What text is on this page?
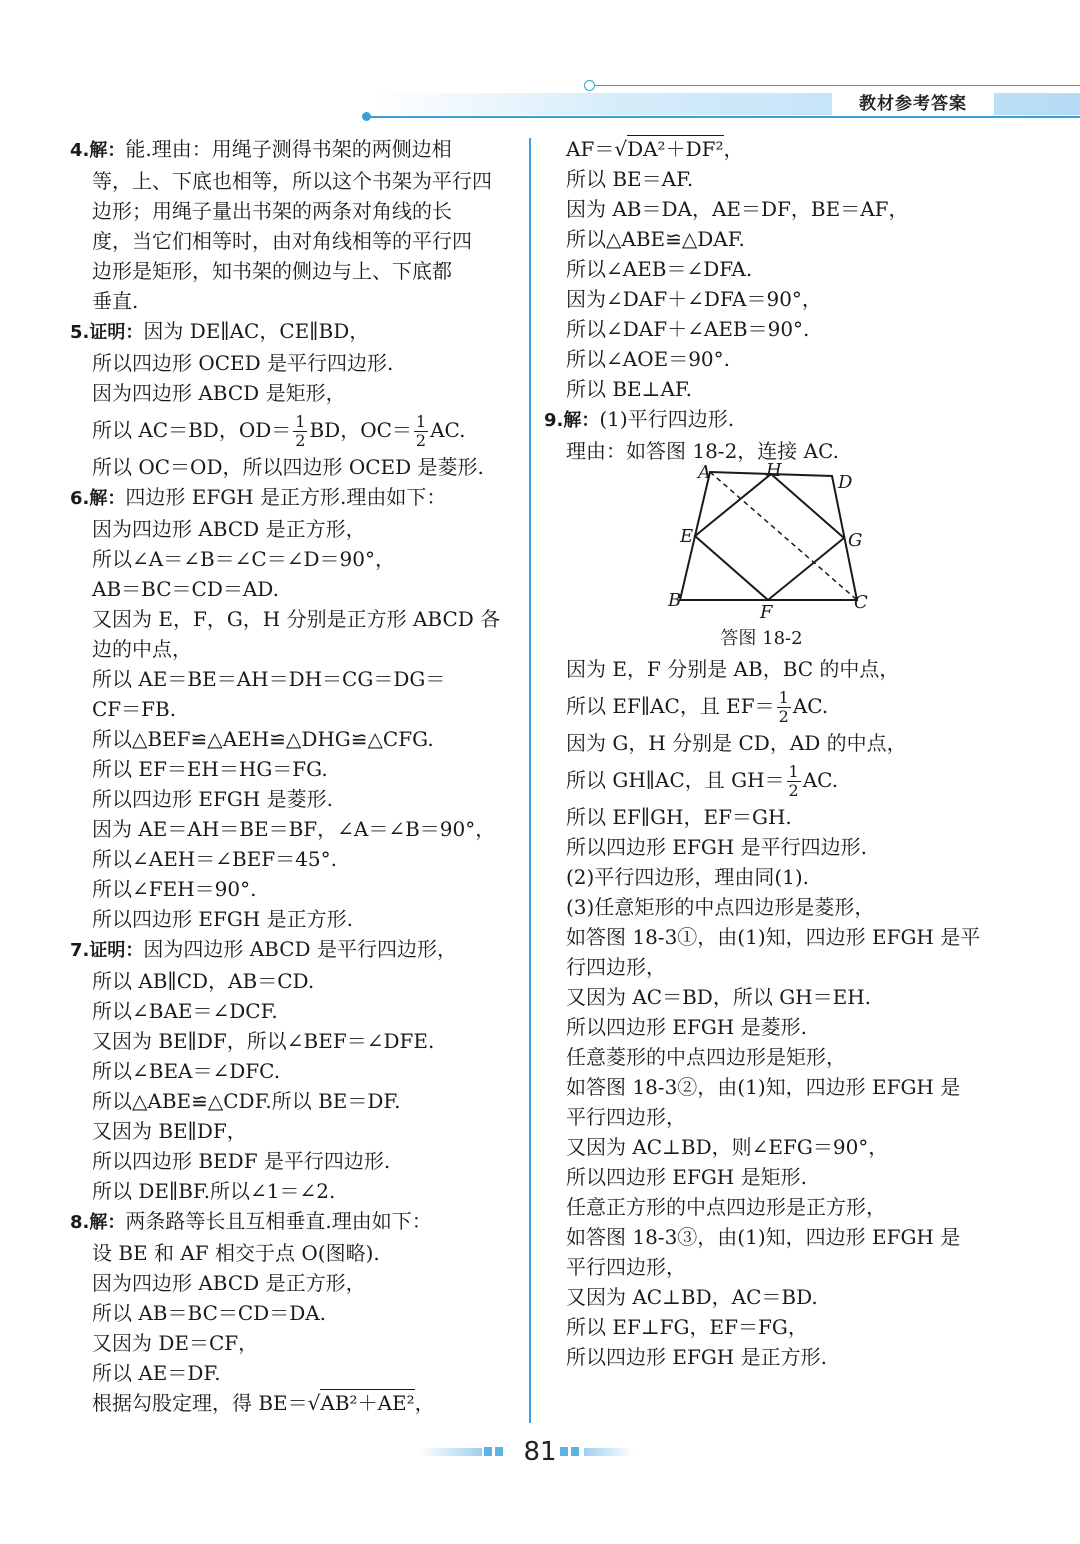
教材参考答案

4.解：能.理由：用绳子测得书架的两侧边相

等，上、下底也相等，所以这个书架为平行四

边形；用绳子量出书架的两条对角线的长

度，当它们相等时，由对角线相等的平行四

边形是矩形，知书架的侧边与上、下底都

垂直.

5.证明：因为 DE∥AC，CE∥BD，

所以四边形 OCED 是平行四边形.

因为四边形 ABCD 是矩形，

所以 AC＝BD，$OD= \frac{1}{2}$ BD，$OC= \frac{1}{2}$ AC.

所以 OC＝OD，所以四边形 OCED 是菱形.

6.解：四边形 EFGH 是正方形.理由如下：

因为四边形 ABCD 是正方形，

所以∠A＝∠B＝∠C＝∠D＝90°，

AB＝BC＝CD＝AD.

又因为 E，F，G，H 分别是正方形 ABCD 各

边的中点，

所以 AE＝BE＝AH＝DH＝CG＝DG＝

CF＝FB.

所以△BEF≌△AEH≌△DHG≌△CFG.

所以 EF＝EH＝HG＝FG.

所以四边形 EFGH 是菱形.

因为 AE＝AH＝BE＝BF，∠A＝∠B＝90°，

所以∠AEH＝∠BEF＝45°.

所以∠FEH＝90°.

所以四边形 EFGH 是正方形.

7.证明：因为四边形 ABCD 是平行四边形，

所以 AB∥CD，AB＝CD.

所以∠BAE＝∠DCF.

又因为 BE∥DF，所以∠BEF＝∠DFE.

所以∠BEA＝∠DFC.

所以△ABE≌△CDF.所以 BE＝DF.

又因为 BE∥DF，

所以四边形 BEDF 是平行四边形.

所以 DE∥BF.所以∠1＝∠2.

8.解：两条路等长且互相垂直.理由如下：

设 BE 和 AF 相交于点 O(图略).

因为四边形 ABCD 是正方形，

所以 AB＝BC＝CD＝DA.

又因为 DE＝CF，

所以 AE＝DF.

根据勾股定理，得 BE＝√AB²＋AE²，

AF＝√DA²＋DF²，

所以 BE＝AF.

因为 AB＝DA，AE＝DF，BE＝AF，

所以△ABE≌△DAF.

所以∠AEB＝∠DFA.

因为∠DAF＋∠DFA＝90°，

所以∠DAF＋∠AEB＝90°.

所以∠AOE＝90°.

所以 BE⊥AF.

9.解：(1)平行四边形.

理由：如答图 18-2，连接 AC.

A	H
D
E	G
B
F	C
答图 18-2

因为 E，F 分别是 AB，BC 的中点，

所以 EF∥AC，且 $EF= \frac{1}{2}$ AC.

因为 G，H 分别是 CD，AD 的中点，

所以 GH∥AC，且 $GH= \frac{1}{2}$ AC.

所以 EF∥GH，EF＝GH.

所以四边形 EFGH 是平行四边形.

(2)平行四边形，理由同(1).

(3)任意矩形的中点四边形是菱形，

如答图 18-3①，由(1)知，四边形 EFGH 是平

行四边形，

又因为 AC＝BD，所以 GH＝EH.

所以四边形 EFGH 是菱形.

任意菱形的中点四边形是矩形，

如答图 18-3②，由(1)知，四边形 EFGH 是

平行四边形，

又因为 AC⊥BD，则∠EFG＝90°，

所以四边形 EFGH 是矩形.

任意正方形的中点四边形是正方形，

如答图 18-3③，由(1)知，四边形 EFGH 是

平行四边形，

又因为 AC⊥BD，AC＝BD.

所以 EF⊥FG，EF＝FG，

所以四边形 EFGH 是正方形.

81
